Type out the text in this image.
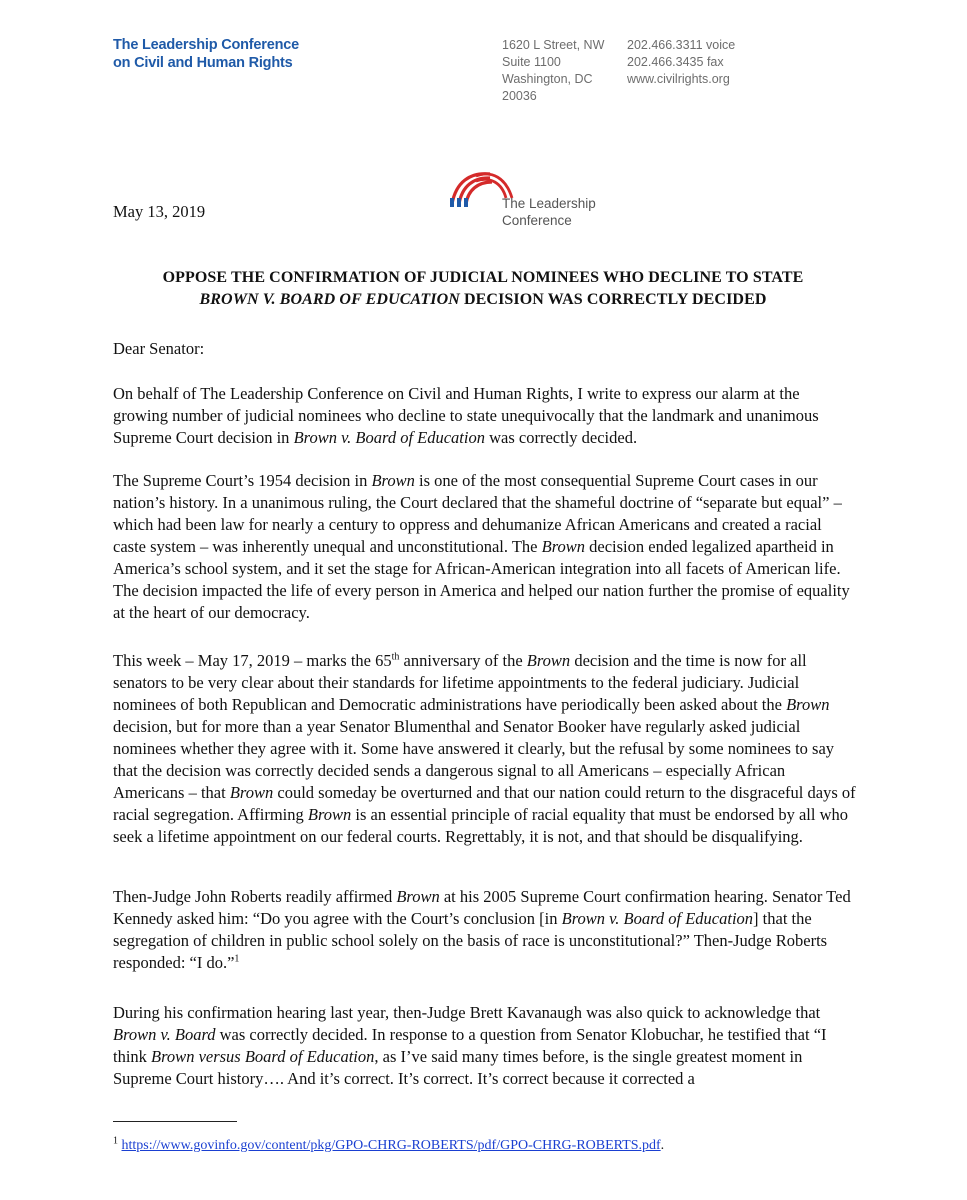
The Leadership Conference
on Civil and Human Rights
1620 L Street, NW
Suite 1100
Washington, DC
20036
202.466.3311 voice
202.466.3435 fax
www.civilrights.org
The Leadership
Conference
May 13, 2019
OPPOSE THE CONFIRMATION OF JUDICIAL NOMINEES WHO DECLINE TO STATE
BROWN V. BOARD OF EDUCATION DECISION WAS CORRECTLY DECIDED
Dear Senator:

On behalf of The Leadership Conference on Civil and Human Rights, I write to express our alarm at the growing number of judicial nominees who decline to state unequivocally that the landmark and unanimous Supreme Court decision in Brown v. Board of Education was correctly decided.

The Supreme Court’s 1954 decision in Brown is one of the most consequential Supreme Court cases in our nation’s history. In a unanimous ruling, the Court declared that the shameful doctrine of “separate but equal” – which had been law for nearly a century to oppress and dehumanize African Americans and created a racial caste system – was inherently unequal and unconstitutional. The Brown decision ended legalized apartheid in America’s school system, and it set the stage for African-American integration into all facets of American life. The decision impacted the life of every person in America and helped our nation further the promise of equality at the heart of our democracy.

This week – May 17, 2019 – marks the 65th anniversary of the Brown decision and the time is now for all senators to be very clear about their standards for lifetime appointments to the federal judiciary. Judicial nominees of both Republican and Democratic administrations have periodically been asked about the Brown decision, but for more than a year Senator Blumenthal and Senator Booker have regularly asked judicial nominees whether they agree with it. Some have answered it clearly, but the refusal by some nominees to say that the decision was correctly decided sends a dangerous signal to all Americans – especially African Americans – that Brown could someday be overturned and that our nation could return to the disgraceful days of racial segregation. Affirming Brown is an essential principle of racial equality that must be endorsed by all who seek a lifetime appointment on our federal courts. Regrettably, it is not, and that should be disqualifying.

Then-Judge John Roberts readily affirmed Brown at his 2005 Supreme Court confirmation hearing. Senator Ted Kennedy asked him: “Do you agree with the Court’s conclusion [in Brown v. Board of Education] that the segregation of children in public school solely on the basis of race is unconstitutional?” Then-Judge Roberts responded: “I do.”$^1$

During his confirmation hearing last year, then-Judge Brett Kavanaugh was also quick to acknowledge that Brown v. Board was correctly decided. In response to a question from Senator Klobuchar, he testified that “I think Brown versus Board of Education, as I’ve said many times before, is the single greatest moment in Supreme Court history…. And it’s correct. It’s correct. It’s correct because it corrected a

$^1$ https://www.govinfo.gov/content/pkg/GPO-CHRG-ROBERTS/pdf/GPO-CHRG-ROBERTS.pdf.
